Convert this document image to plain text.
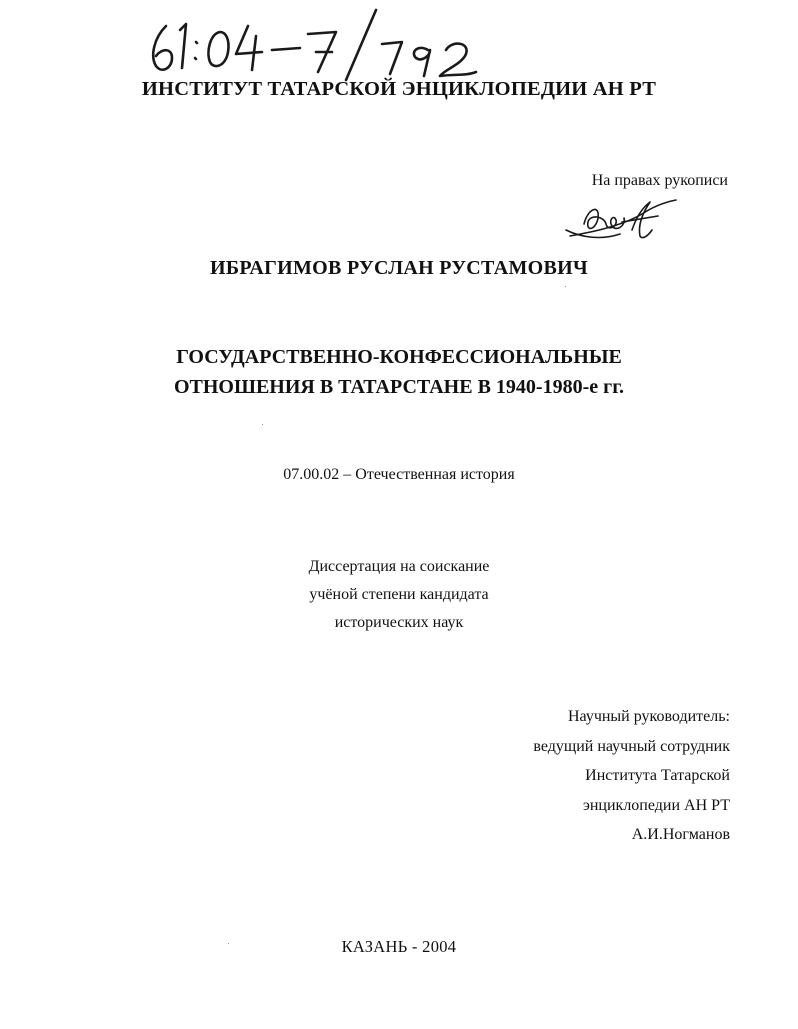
ИНСТИТУТ ТАТАРСКОЙ ЭНЦИКЛОПЕДИИ АН РТ

На правах рукописи

ИБРАГИМОВ РУСЛАН РУСТАМОВИЧ

ГОСУДАРСТВЕННО-КОНФЕССИОНАЛЬНЫЕ
ОТНОШЕНИЯ В ТАТАРСТАНЕ В 1940-1980-е гг.

07.00.02 – Отечественная история

Диссертация на соискание
учёной степени кандидата
исторических наук
Научный руководитель:
ведущий научный сотрудник
Института Татарской
энциклопедии АН РТ
А.И.Ногманов

КАЗАНЬ - 2004
